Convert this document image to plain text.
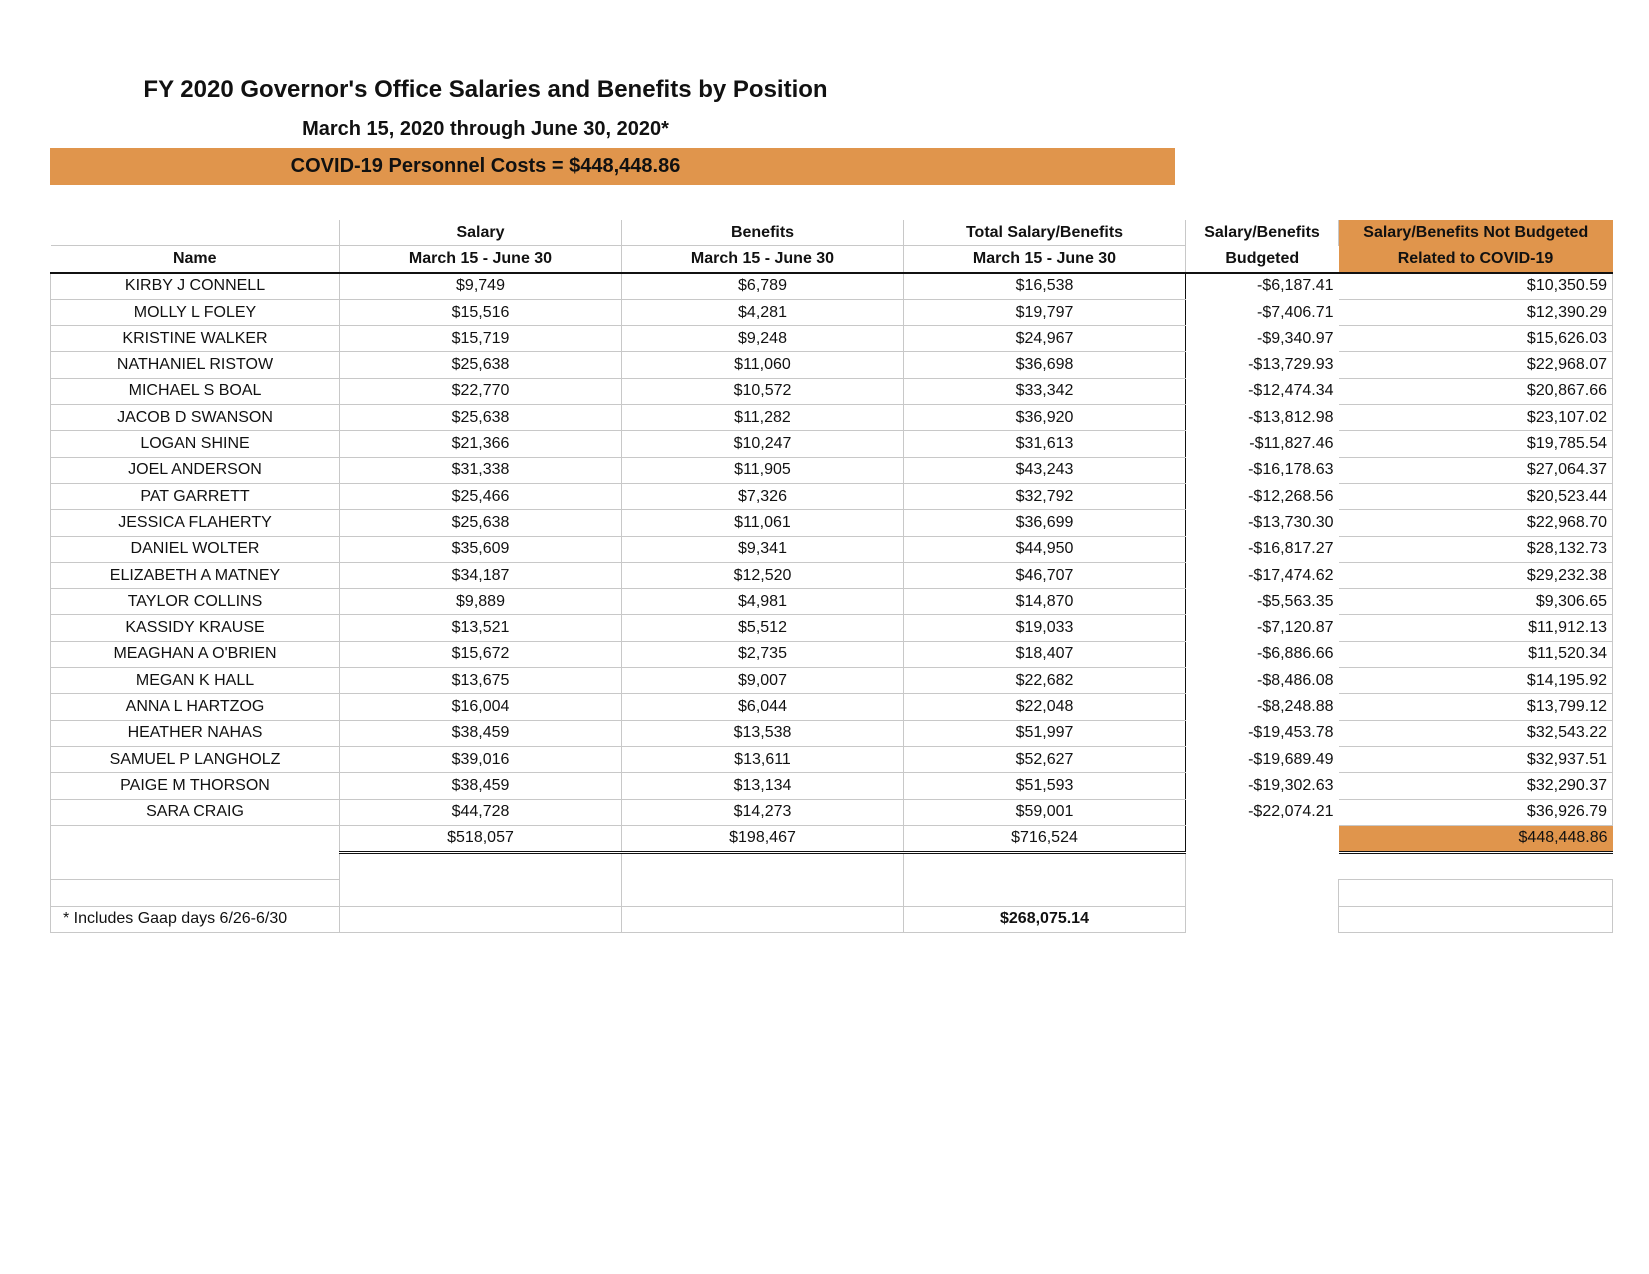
FY 2020 Governor's Office Salaries and Benefits by Position
March 15, 2020 through June 30, 2020*
COVID-19 Personnel Costs = $448,448.86
	Salary	Benefits	Total Salary/Benefits	Salary/Benefits	Salary/Benefits Not Budgeted
Name	March 15 - June 30	March 15 - June 30	March 15 - June 30	Budgeted	Related to COVID-19
KIRBY J CONNELL	$9,749	$6,789	$16,538	-$6,187.41	$10,350.59
MOLLY L FOLEY	$15,516	$4,281	$19,797	-$7,406.71	$12,390.29
KRISTINE WALKER	$15,719	$9,248	$24,967	-$9,340.97	$15,626.03
NATHANIEL RISTOW	$25,638	$11,060	$36,698	-$13,729.93	$22,968.07
MICHAEL S BOAL	$22,770	$10,572	$33,342	-$12,474.34	$20,867.66
JACOB D SWANSON	$25,638	$11,282	$36,920	-$13,812.98	$23,107.02
LOGAN SHINE	$21,366	$10,247	$31,613	-$11,827.46	$19,785.54
JOEL ANDERSON	$31,338	$11,905	$43,243	-$16,178.63	$27,064.37
PAT GARRETT	$25,466	$7,326	$32,792	-$12,268.56	$20,523.44
JESSICA FLAHERTY	$25,638	$11,061	$36,699	-$13,730.30	$22,968.70
DANIEL WOLTER	$35,609	$9,341	$44,950	-$16,817.27	$28,132.73
ELIZABETH A MATNEY	$34,187	$12,520	$46,707	-$17,474.62	$29,232.38
TAYLOR COLLINS	$9,889	$4,981	$14,870	-$5,563.35	$9,306.65
KASSIDY KRAUSE	$13,521	$5,512	$19,033	-$7,120.87	$11,912.13
MEAGHAN A O'BRIEN	$15,672	$2,735	$18,407	-$6,886.66	$11,520.34
MEGAN K HALL	$13,675	$9,007	$22,682	-$8,486.08	$14,195.92
ANNA L HARTZOG	$16,004	$6,044	$22,048	-$8,248.88	$13,799.12
HEATHER NAHAS	$38,459	$13,538	$51,997	-$19,453.78	$32,543.22
SAMUEL P LANGHOLZ	$39,016	$13,611	$52,627	-$19,689.49	$32,937.51
PAIGE M THORSON	$38,459	$13,134	$51,593	-$19,302.63	$32,290.37
SARA CRAIG	$44,728	$14,273	$59,001	-$22,074.21	$36,926.79
	$518,057	$198,467	$716,524		$448,448.86

* Includes Gaap days 6/26-6/30			$268,075.14		
